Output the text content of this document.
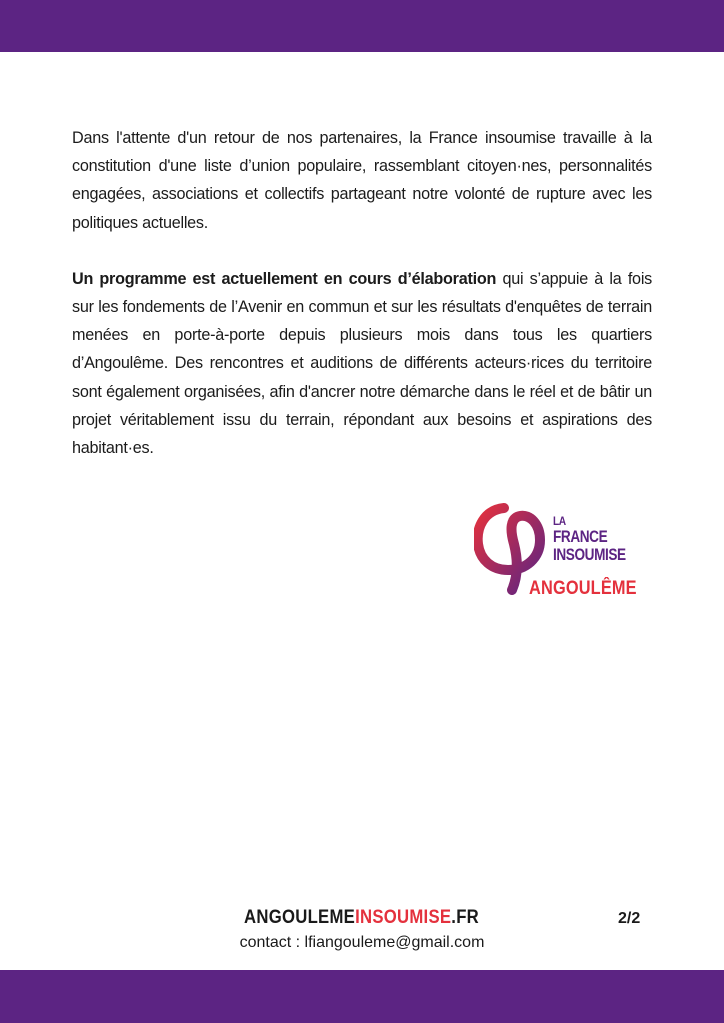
Dans l'attente d'un retour de nos partenaires, la France insoumise travaille à la constitution d'une liste d’union populaire, rassemblant citoyen·nes, personnalités engagées, associations et collectifs partageant notre volonté de rupture avec les politiques actuelles.

Un programme est actuellement en cours d’élaboration qui s’appuie à la fois sur les fondements de l’Avenir en commun et sur les résultats d'enquêtes de terrain menées en porte-à-porte depuis plusieurs mois dans tous les quartiers d’Angoulême. Des rencontres et auditions de différents acteurs·rices du territoire sont également organisées, afin d'ancrer notre démarche dans le réel et de bâtir un projet véritablement issu du terrain, répondant aux besoins et aspirations des habitant·es.

LA
FRANCE
INSOUMISE
ANGOULÊME
ANGOULEMEINSOUMISE.FR
contact : lfiangouleme@gmail.com
2/2
